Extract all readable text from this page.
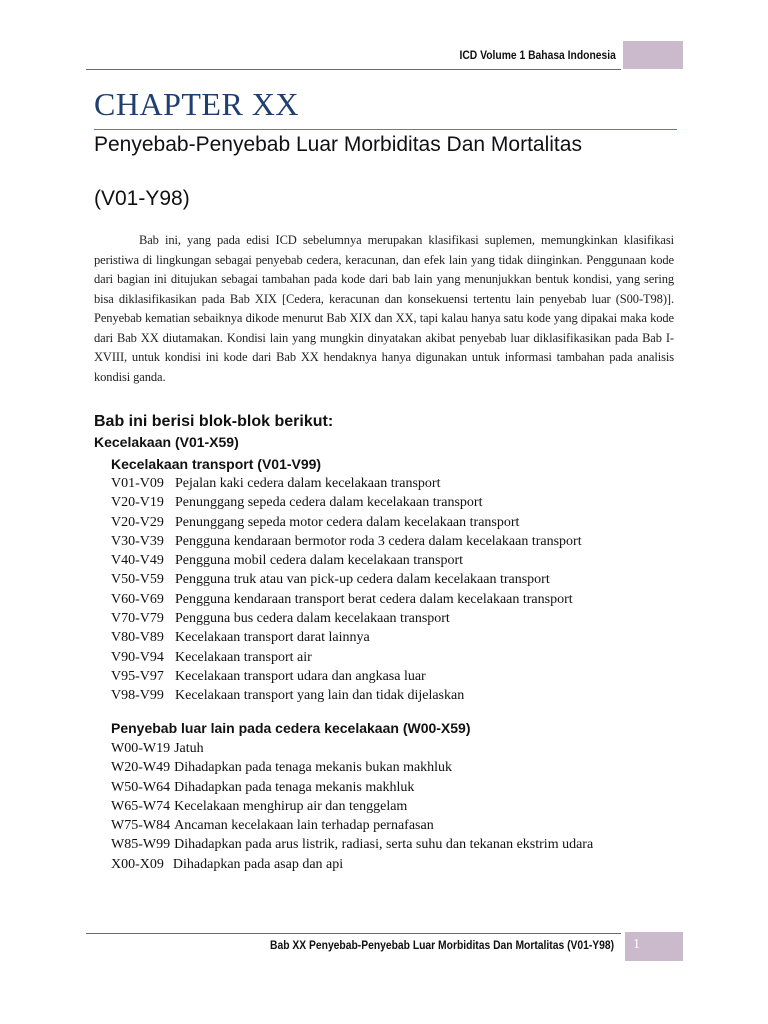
ICD Volume 1 Bahasa Indonesia
CHAPTER XX
Penyebab-Penyebab Luar Morbiditas Dan Mortalitas
(V01-Y98)

Bab ini, yang pada edisi ICD sebelumnya merupakan klasifikasi suplemen, memungkinkan klasifikasi peristiwa di lingkungan sebagai penyebab cedera, keracunan, dan efek lain yang tidak diinginkan. Penggunaan kode dari bagian ini ditujukan sebagai tambahan pada kode dari bab lain yang menunjukkan bentuk kondisi, yang sering bisa diklasifikasikan pada Bab XIX [Cedera, keracunan dan konsekuensi tertentu lain penyebab luar (S00-T98)]. Penyebab kematian sebaiknya dikode menurut Bab XIX dan XX, tapi kalau hanya satu kode yang dipakai maka kode dari Bab XX diutamakan. Kondisi lain yang mungkin dinyatakan akibat penyebab luar diklasifikasikan pada Bab I-XVIII, untuk kondisi ini kode dari Bab XX hendaknya hanya digunakan untuk informasi tambahan pada analisis kondisi ganda.

Bab ini berisi blok-blok berikut:
Kecelakaan (V01-X59)
Kecelakaan transport (V01-V99)
V01-V09 Pejalan kaki cedera dalam kecelakaan transport
V20-V19 Penunggang sepeda cedera dalam kecelakaan transport
V20-V29 Penunggang sepeda motor cedera dalam kecelakaan transport
V30-V39 Pengguna kendaraan bermotor roda 3 cedera dalam kecelakaan transport
V40-V49 Pengguna mobil cedera dalam kecelakaan transport
V50-V59 Pengguna truk atau van pick-up cedera dalam kecelakaan transport
V60-V69 Pengguna kendaraan transport berat cedera dalam kecelakaan transport
V70-V79 Pengguna bus cedera dalam kecelakaan transport
V80-V89 Kecelakaan transport darat lainnya
V90-V94 Kecelakaan transport air
V95-V97 Kecelakaan transport udara dan angkasa luar
V98-V99 Kecelakaan transport yang lain dan tidak dijelaskan
Penyebab luar lain pada cedera kecelakaan (W00-X59)
W00-W19 Jatuh
W20-W49 Dihadapkan pada tenaga mekanis bukan makhluk
W50-W64 Dihadapkan pada tenaga mekanis makhluk
W65-W74 Kecelakaan menghirup air dan tenggelam
W75-W84 Ancaman kecelakaan lain terhadap pernafasan
W85-W99 Dihadapkan pada arus listrik, radiasi, serta suhu dan tekanan ekstrim udara
X00-X09 Dihadapkan pada asap dan api
Bab XX Penyebab-Penyebab Luar Morbiditas Dan Mortalitas (V01-Y98) 1
